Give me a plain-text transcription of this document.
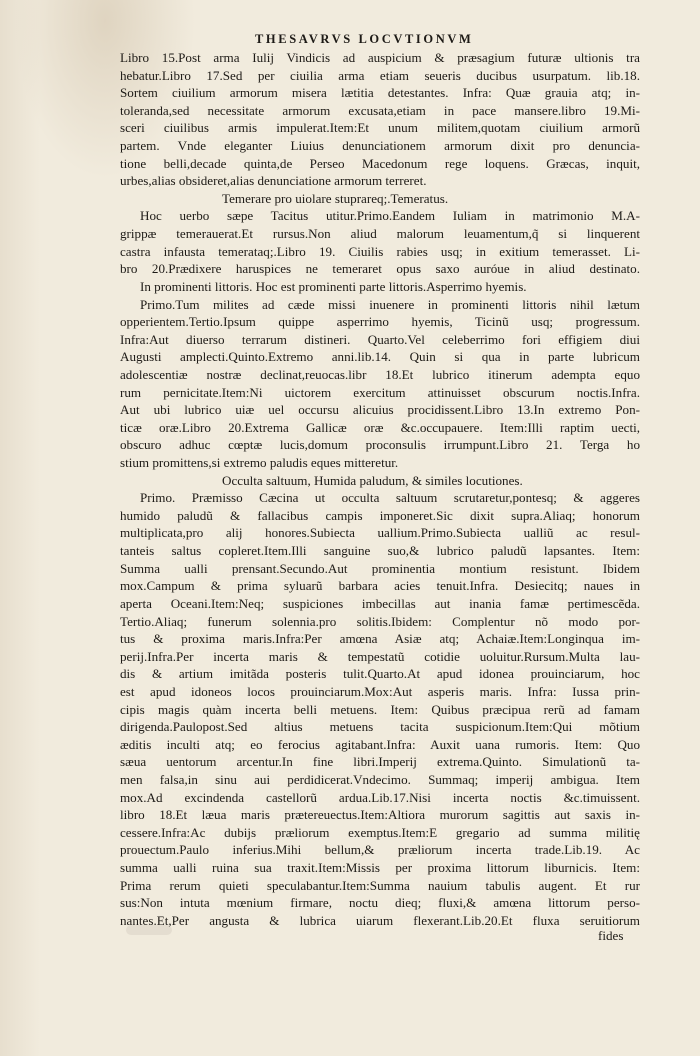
THESAVRVS LOCVTIONVM
Libro 15.Post arma Iulij Vindicis ad auspicium & præsagium futuræ ultionis tra
hebatur.Libro 17.Sed per ciuilia arma etiam seueris ducibus usurpatum. lib.18.
Sortem ciuilium armorum misera lætitia detestantes. Infra: Quæ grauia atq; in-
toleranda,sed necessitate armorum excusata,etiam in pace mansere.libro 19.Mi-
sceri ciuilibus armis impulerat.Item:Et unum militem,quotam ciuilium armorũ
partem. Vnde eleganter Liuius denunciationem armorum dixit pro denuncia-
tione belli,decade quinta,de Perseo Macedonum rege loquens. Græcas, inquit,
urbes,alias obsideret,alias denunciatione armorum terreret.
Temerare pro uiolare stuprareq;.Temeratus.
Hoc uerbo sæpe Tacitus utitur.Primo.Eandem Iuliam in matrimonio M.A-
grippæ temerauerat.Et rursus.Non aliud malorum leuamentum,q̃ si linquerent
castra infausta temerataq;.Libro 19. Ciuilis rabies usq; in exitium temerasset. Li-
bro 20.Prædixere haruspices ne temeraret opus saxo auróue in aliud destinato.
In prominenti littoris. Hoc est prominenti parte littoris.Asperrimo hyemis.
Primo.Tum milites ad cæde missi inuenere in prominenti littoris nihil lætum
opperientem.Tertio.Ipsum quippe asperrimo hyemis, Ticinũ usq; progressum.
Infra:Aut diuerso terrarum distineri. Quarto.Vel celeberrimo fori effigiem diui
Augusti amplecti.Quinto.Extremo anni.lib.14. Quin si qua in parte lubricum
adolescentiæ nostræ declinat,reuocas.libr 18.Et lubrico itinerum adempta equo
rum pernicitate.Item:Ni uictorem exercitum attinuisset obscurum noctis.Infra.
Aut ubi lubrico uiæ uel occursu alicuius procidissent.Libro 13.In extremo Pon-
ticæ oræ.Libro 20.Extrema Gallicæ oræ &c.occupauere. Item:Illi raptim uecti,
obscuro adhuc cœptæ lucis,domum proconsulis irrumpunt.Libro 21. Terga ho
stium promittens,si extremo paludis eques mitteretur.
Occulta saltuum, Humida paludum, & similes locutiones.
Primo. Præmisso Cæcina ut occulta saltuum scrutaretur,pontesq; & aggeres
humido paludũ & fallacibus campis imponeret.Sic dixit supra.Aliaq; honorum
multiplicata,pro alij honores.Subiecta uallium.Primo.Subiecta ualliũ ac resul-
tanteis saltus copleret.Item.Illi sanguine suo,& lubrico paludũ lapsantes. Item:
Summa ualli prensant.Secundo.Aut prominentia montium resistunt. Ibidem
mox.Campum & prima syluarũ barbara acies tenuit.Infra. Desiecitq; naues in
aperta Oceani.Item:Neq; suspiciones imbecillas aut inania famæ pertimescẽda.
Tertio.Aliaq; funerum solennia.pro solitis.Ibidem: Complentur nõ modo por-
tus & proxima maris.Infra:Per amœna Asiæ atq; Achaiæ.Item:Longinqua im-
perij.Infra.Per incerta maris & tempestatũ cotidie uoluitur.Rursum.Multa lau-
dis & artium imitãda posteris tulit.Quarto.At apud idonea prouinciarum, hoc
est apud idoneos locos prouinciarum.Mox:Aut asperis maris. Infra: Iussa prin-
cipis magis quàm incerta belli metuens. Item: Quibus præcipua rerũ ad famam
dirigenda.Paulopost.Sed altius metuens tacita suspicionum.Item:Qui mõtium
æditis inculti atq; eo ferocius agitabant.Infra: Auxit uana rumoris. Item: Quo
sæua uentorum arcentur.In fine libri.Imperij extrema.Quinto. Simulationũ ta-
men falsa,in sinu aui perdidicerat.Vndecimo. Summaq; imperij ambigua. Item
mox.Ad excindenda castellorũ ardua.Lib.17.Nisi incerta noctis &c.timuissent.
libro 18.Et læua maris prætereuectus.Item:Altiora murorum sagittis aut saxis in-
cessere.Infra:Ac dubijs præliorum exemptus.Item:E gregario ad summa militię
prouectum.Paulo inferius.Mihi bellum,& præliorum incerta trade.Lib.19. Ac
summa ualli ruina sua traxit.Item:Missis per proxima littorum liburnicis. Item:
Prima rerum quieti speculabantur.Item:Summa nauium tabulis augent. Et rur
sus:Non intuta mœnium firmare, noctu dieq; fluxi,& amœna littorum perso-
nantes.Et,Per angusta & lubrica uiarum flexerant.Lib.20.Et fluxa seruitiorum
fides
